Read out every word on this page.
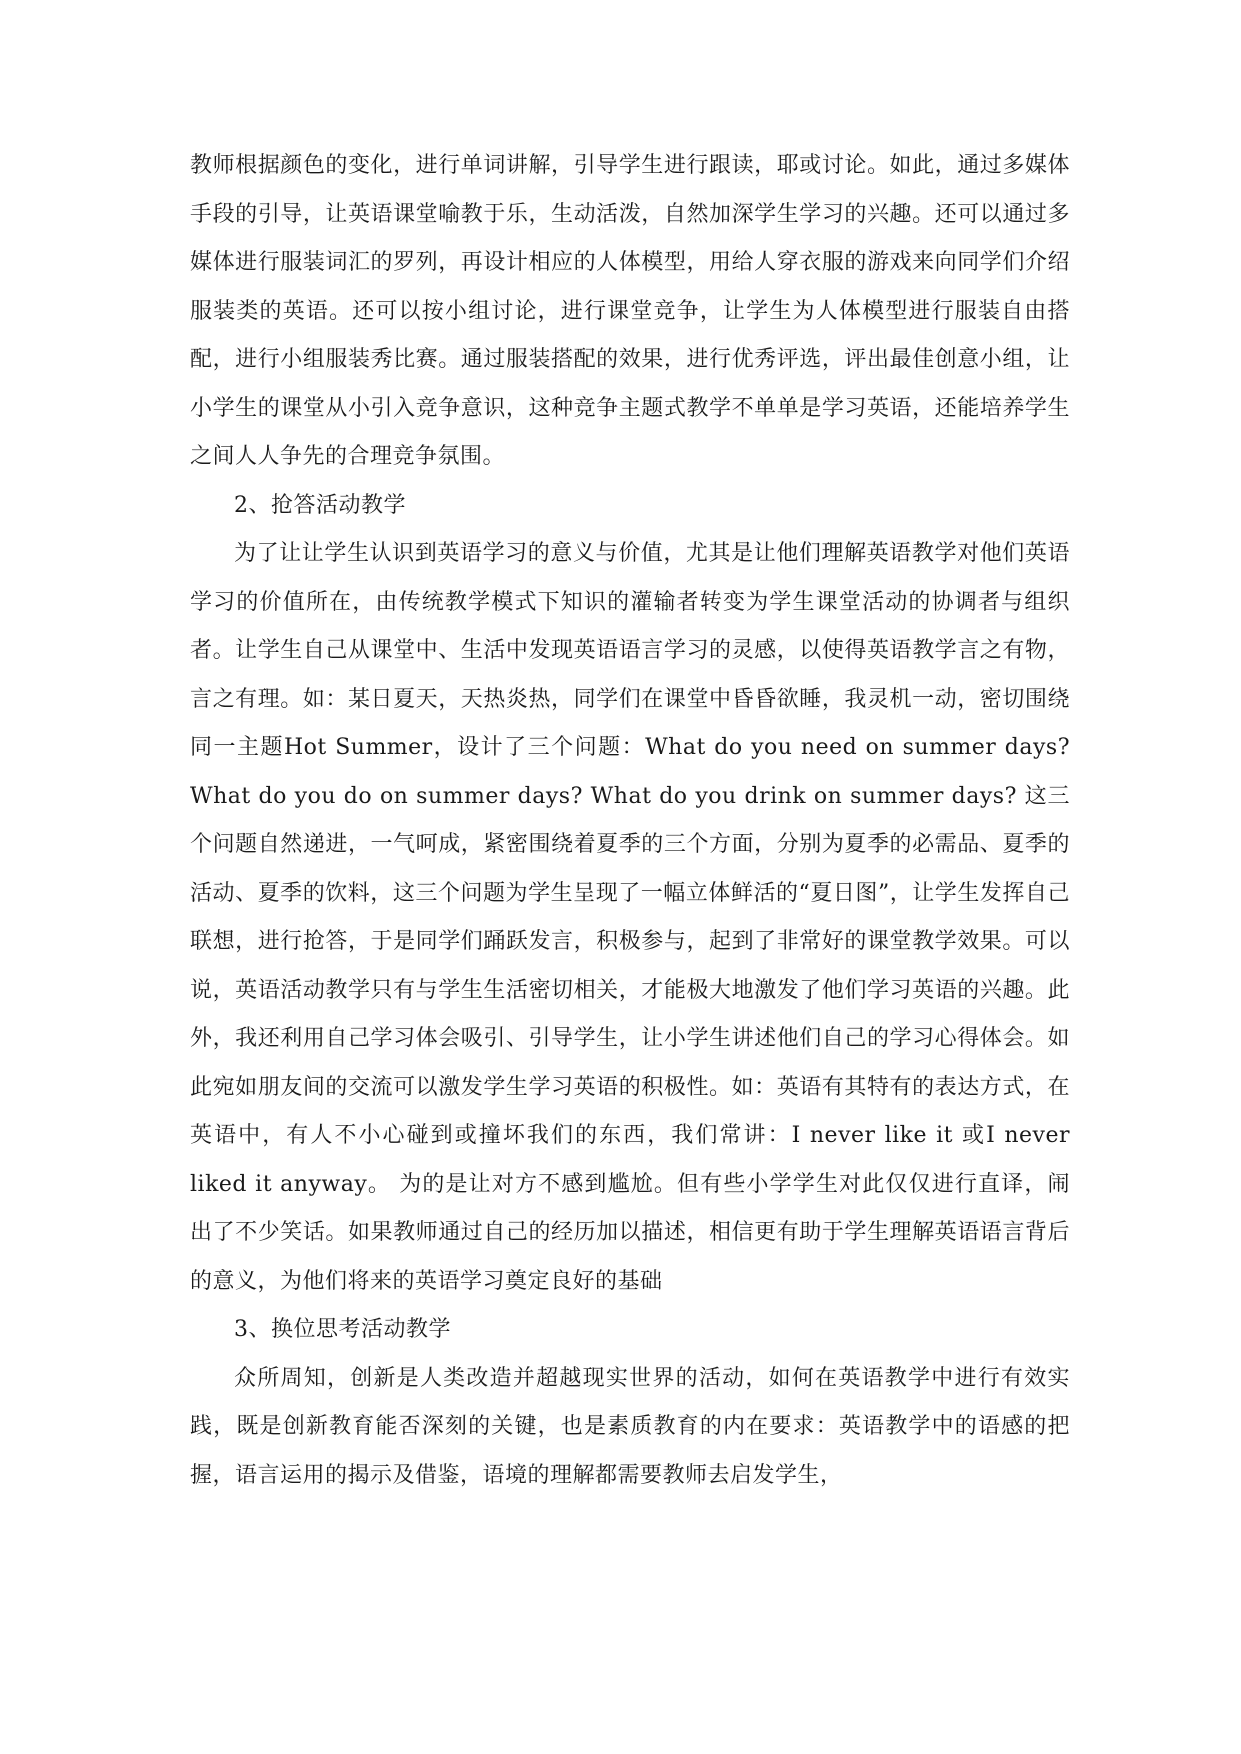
教师根据颜色的变化，进行单词讲解，引导学生进行跟读，耶或讨论。如此，通过多媒体手段的引导，让英语课堂喻教于乐，生动活泼，自然加深学生学习的兴趣。还可以通过多媒体进行服装词汇的罗列，再设计相应的人体模型，用给人穿衣服的游戏来向同学们介绍服装类的英语。还可以按小组讨论，进行课堂竞争，让学生为人体模型进行服装自由搭配，进行小组服装秀比赛。通过服装搭配的效果，进行优秀评选，评出最佳创意小组，让小学生的课堂从小引入竞争意识，这种竞争主题式教学不单单是学习英语，还能培养学生之间人人争先的合理竞争氛围。

2、抢答活动教学

为了让让学生认识到英语学习的意义与价值，尤其是让他们理解英语教学对他们英语学习的价值所在，由传统教学模式下知识的灌输者转变为学生课堂活动的协调者与组织者。让学生自己从课堂中、生活中发现英语语言学习的灵感，以使得英语教学言之有物，言之有理。如：某日夏天，天热炎热，同学们在课堂中昏昏欲睡，我灵机一动，密切围绕同一主题Hot Summer，设计了三个问题：What do you need on summer days? What do you do on summer days? What do you drink on summer days? 这三个问题自然递进，一气呵成，紧密围绕着夏季的三个方面，分别为夏季的必需品、夏季的活动、夏季的饮料，这三个问题为学生呈现了一幅立体鲜活的“夏日图”，让学生发挥自己联想，进行抢答，于是同学们踊跃发言，积极参与，起到了非常好的课堂教学效果。可以说，英语活动教学只有与学生生活密切相关，才能极大地激发了他们学习英语的兴趣。此外，我还利用自己学习体会吸引、引导学生，让小学生讲述他们自己的学习心得体会。如此宛如朋友间的交流可以激发学生学习英语的积极性。如：英语有其特有的表达方式，在英语中，有人不小心碰到或撞坏我们的东西，我们常讲：I never like it 或I never liked it anyway。 为的是让对方不感到尴尬。但有些小学学生对此仅仅进行直译，闹出了不少笑话。如果教师通过自己的经历加以描述，相信更有助于学生理解英语语言背后的意义，为他们将来的英语学习奠定良好的基础

3、换位思考活动教学

众所周知，创新是人类改造并超越现实世界的活动，如何在英语教学中进行有效实践，既是创新教育能否深刻的关键，也是素质教育的内在要求：英语教学中的语感的把握，语言运用的揭示及借鉴，语境的理解都需要教师去启发学生，
